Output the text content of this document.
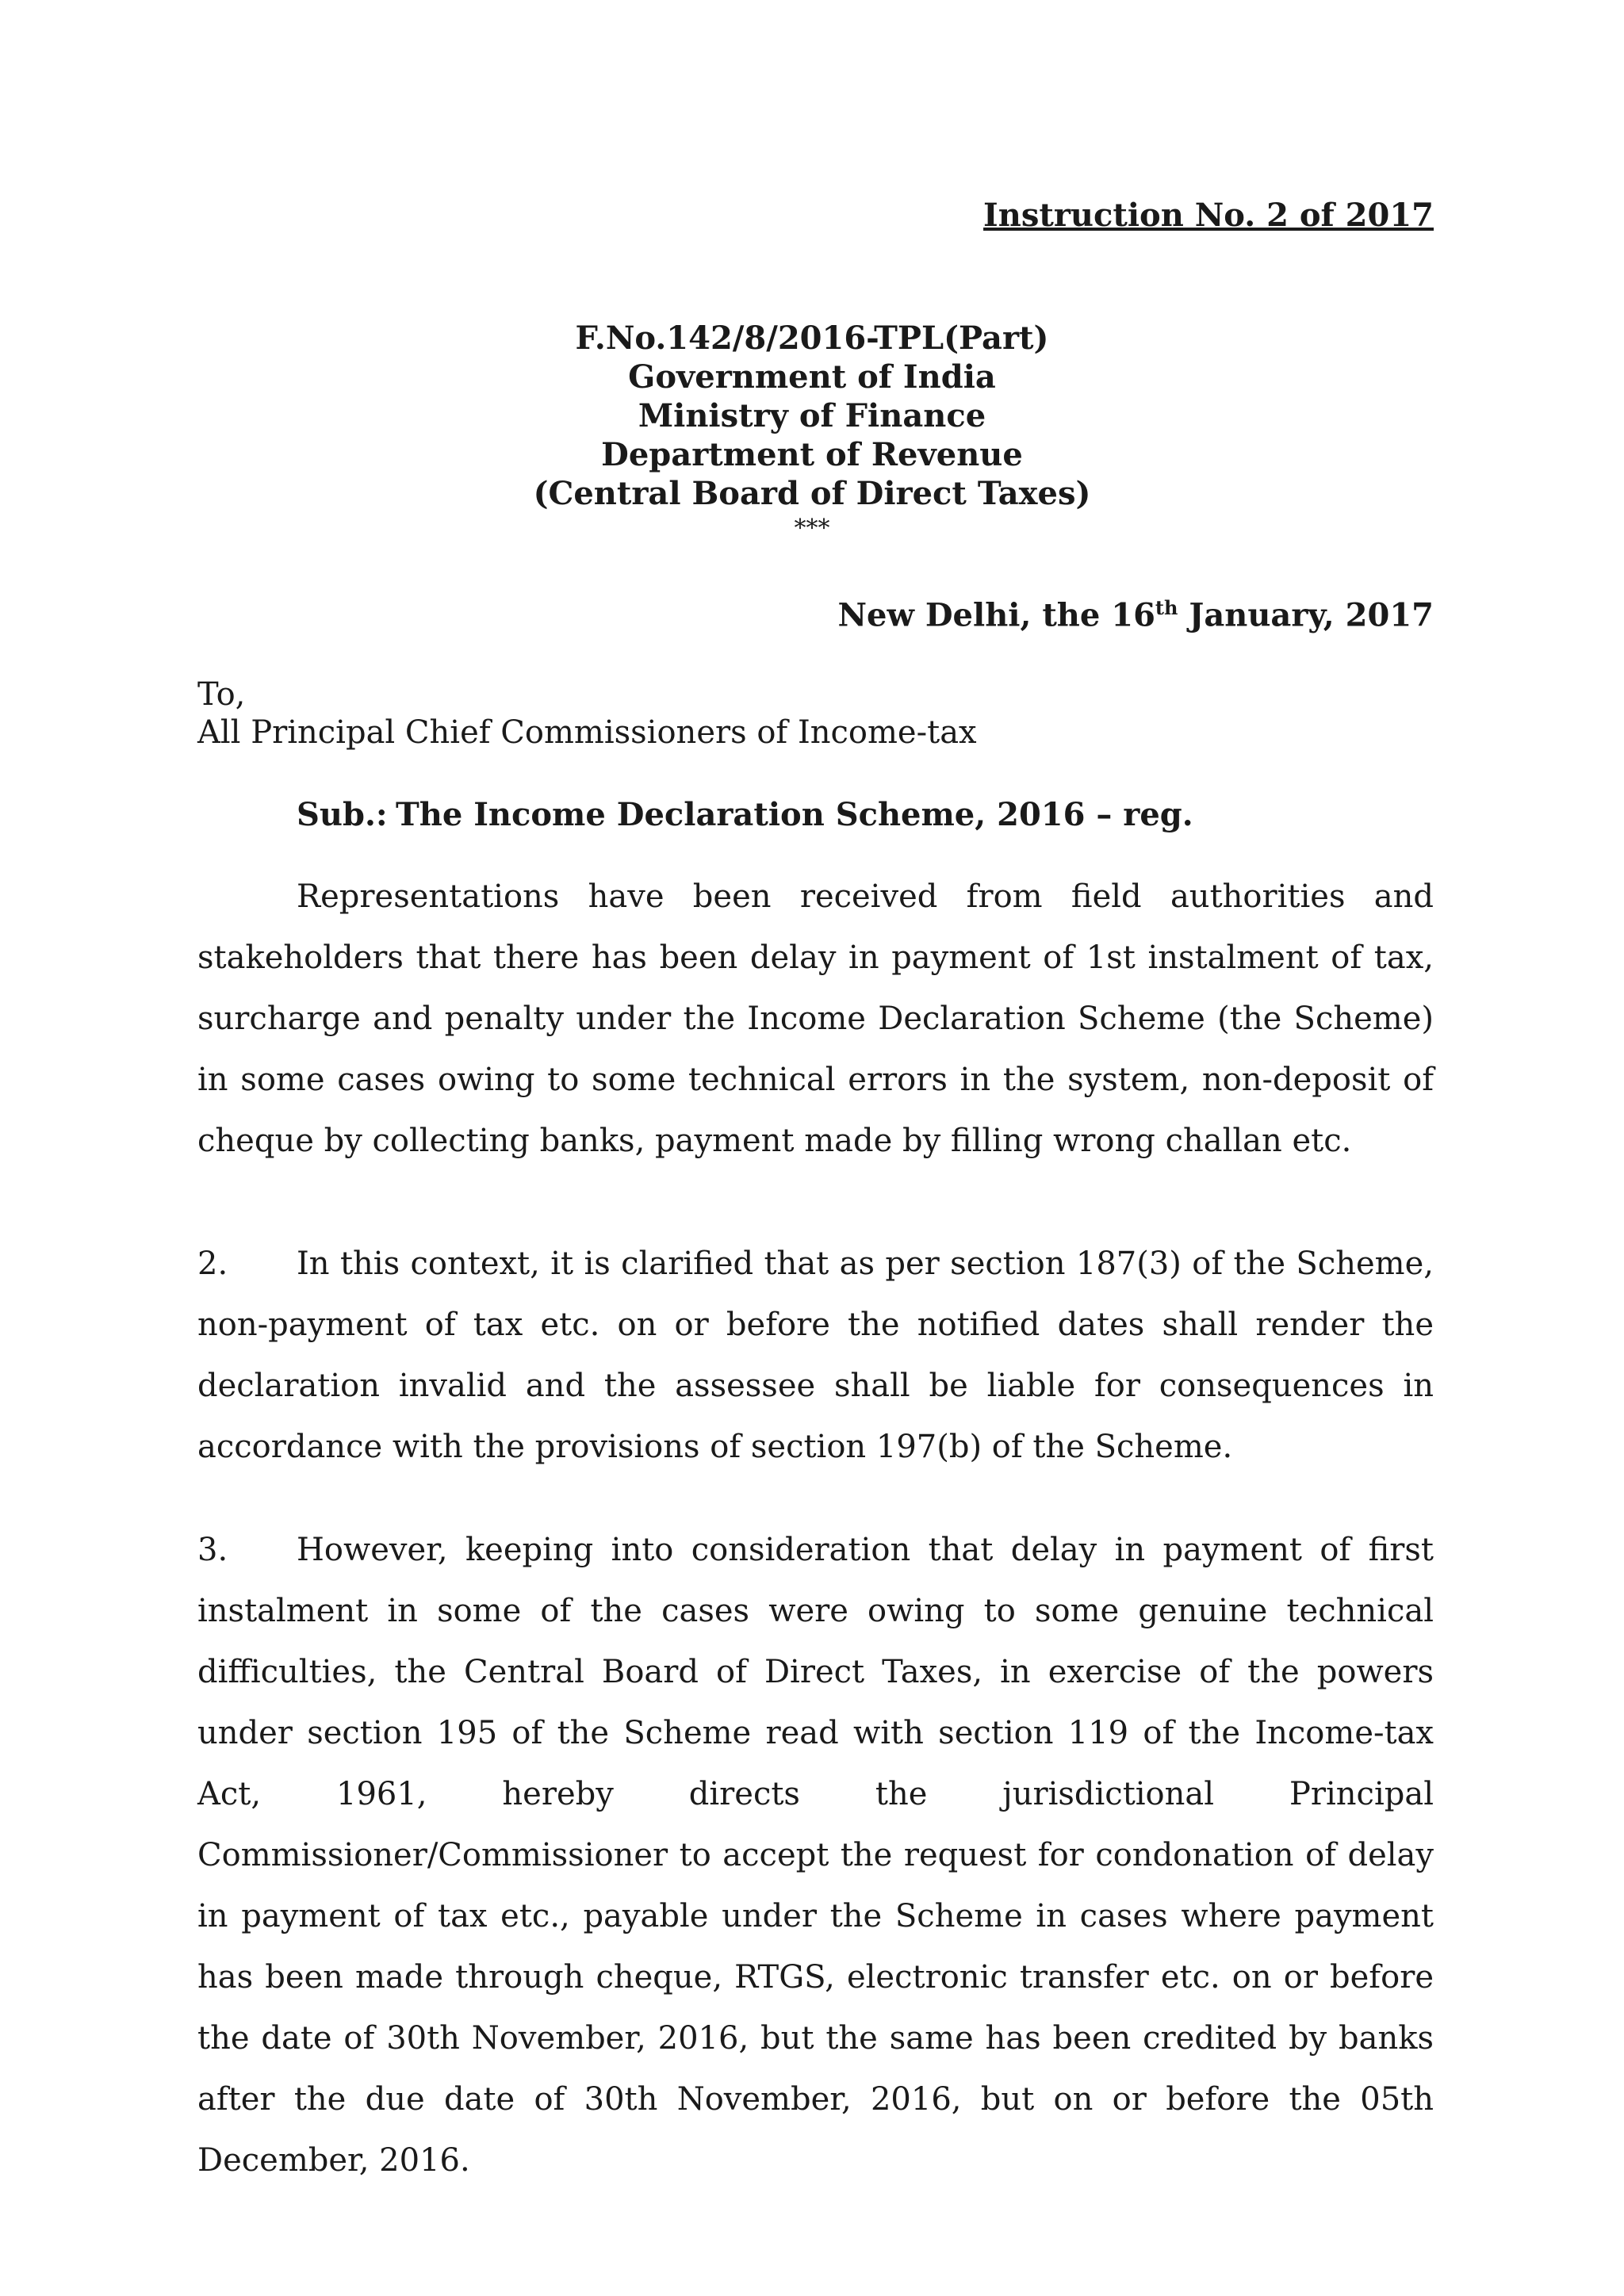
Instruction No. 2 of 2017
F.No.142/8/2016-TPL(Part)
Government of India
Ministry of Finance
Department of Revenue
(Central Board of Direct Taxes)
***
New Delhi, the 16th January, 2017
To,
All Principal Chief Commissioners of Income-tax
Sub.: The Income Declaration Scheme, 2016 – reg.
Representations have been received from field authorities and stakeholders that there has been delay in payment of 1st instalment of tax, surcharge and penalty under the Income Declaration Scheme (the Scheme) in some cases owing to some technical errors in the system, non-deposit of cheque by collecting banks, payment made by filling wrong challan etc.
2. In this context, it is clarified that as per section 187(3) of the Scheme, non-payment of tax etc. on or before the notified dates shall render the declaration invalid and the assessee shall be liable for consequences in accordance with the provisions of section 197(b) of the Scheme.
3. However, keeping into consideration that delay in payment of first instalment in some of the cases were owing to some genuine technical difficulties, the Central Board of Direct Taxes, in exercise of the powers under section 195 of the Scheme read with section 119 of the Income-tax Act, 1961, hereby directs the jurisdictional Principal Commissioner/Commissioner to accept the request for condonation of delay in payment of tax etc., payable under the Scheme in cases where payment has been made through cheque, RTGS, electronic transfer etc. on or before the date of 30th November, 2016, but the same has been credited by banks after the due date of 30th November, 2016, but on or before the 05th December, 2016.
